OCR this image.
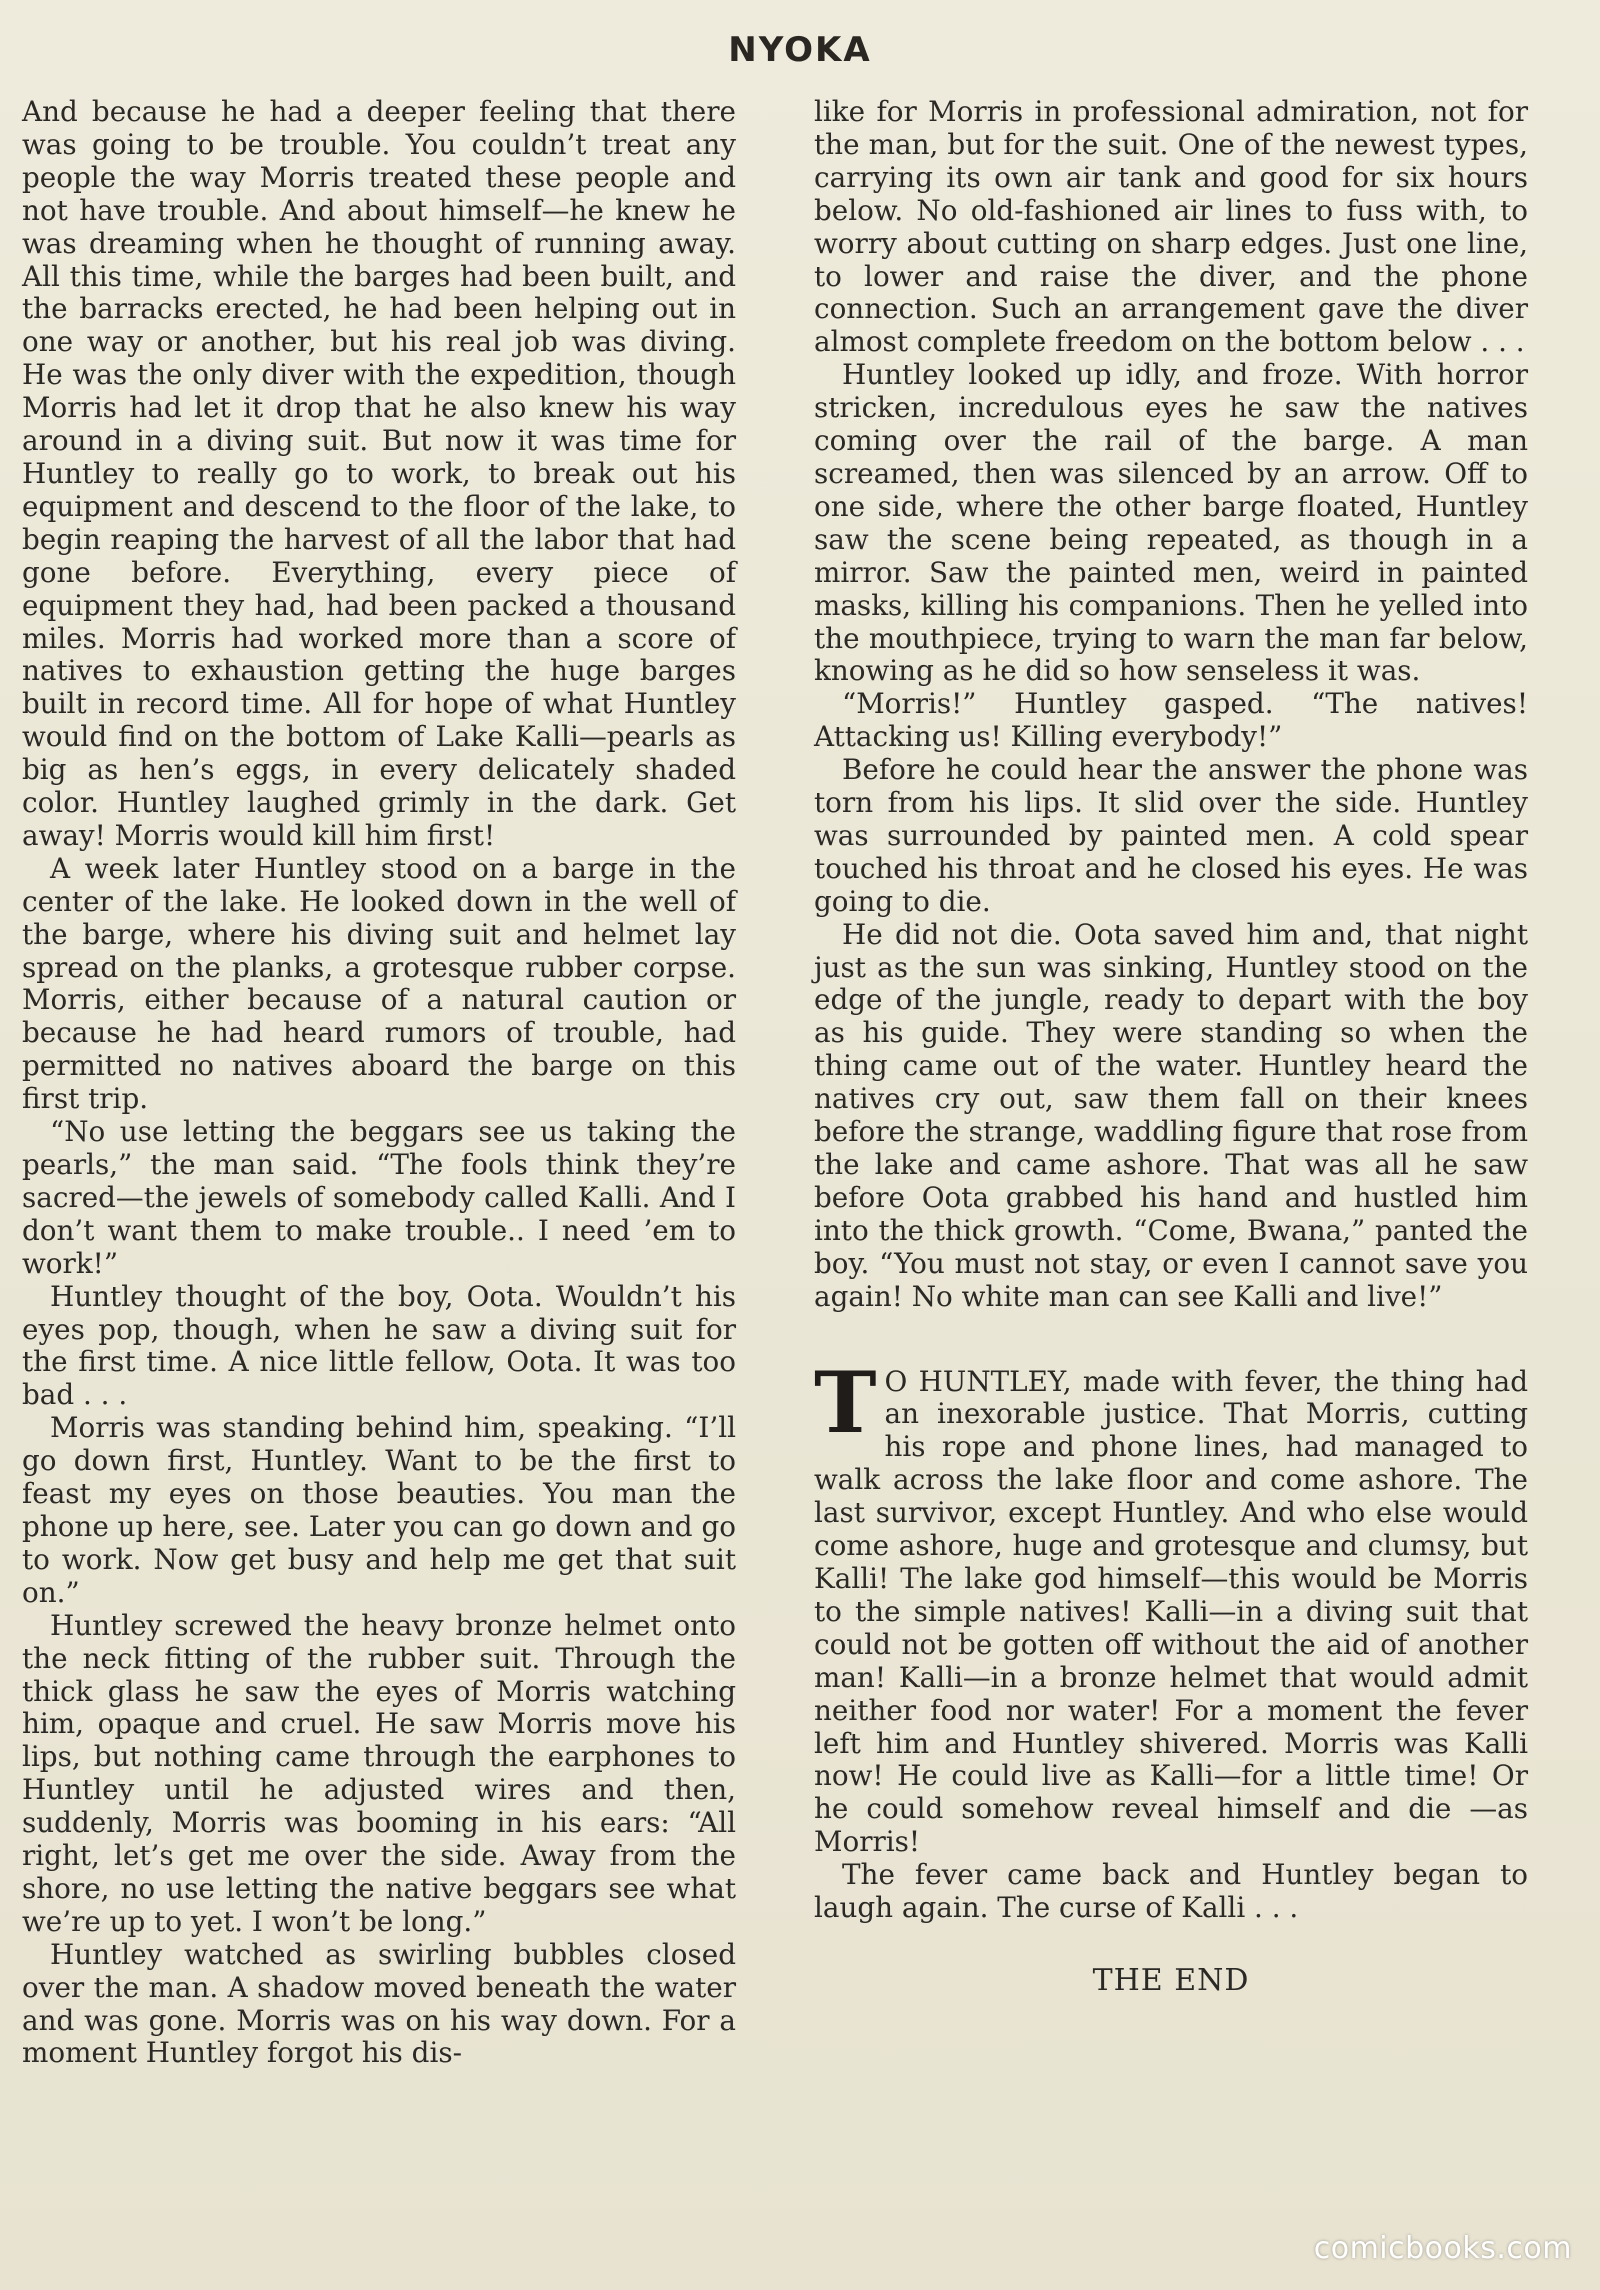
NYOKA

And because he had a deeper feeling that there was going to be trouble. You couldn’t treat any people the way Morris treated these people and not have trouble. And about himself—he knew he was dreaming when he thought of running away. All this time, while the barges had been built, and the barracks erected, he had been helping out in one way or another, but his real job was diving. He was the only diver with the expedition, though Morris had let it drop that he also knew his way around in a diving suit. But now it was time for Huntley to really go to work, to break out his equipment and descend to the floor of the lake, to begin reaping the harvest of all the labor that had gone before. Everything, every piece of equipment they had, had been packed a thousand miles. Morris had worked more than a score of natives to exhaustion getting the huge barges built in record time. All for hope of what Huntley would find on the bottom of Lake Kalli—pearls as big as hen’s eggs, in every delicately shaded color. Huntley laughed grimly in the dark. Get away! Morris would kill him first!

A week later Huntley stood on a barge in the center of the lake. He looked down in the well of the barge, where his diving suit and helmet lay spread on the planks, a grotesque rubber corpse. Morris, either because of a natural caution or because he had heard rumors of trouble, had permitted no natives aboard the barge on this first trip.

“No use letting the beggars see us taking the pearls,” the man said. “The fools think they’re sacred—the jewels of somebody called Kalli. And I don’t want them to make trouble.. I need ’em to work!”

Huntley thought of the boy, Oota. Wouldn’t his eyes pop, though, when he saw a diving suit for the first time. A nice little fellow, Oota. It was too bad . . .

Morris was standing behind him, speaking. “I’ll go down first, Huntley. Want to be the first to feast my eyes on those beauties. You man the phone up here, see. Later you can go down and go to work. Now get busy and help me get that suit on.”

Huntley screwed the heavy bronze helmet onto the neck fitting of the rubber suit. Through the thick glass he saw the eyes of Morris watching him, opaque and cruel. He saw Morris move his lips, but nothing came through the earphones to Huntley until he adjusted wires and then, suddenly, Morris was booming in his ears: “All right, let’s get me over the side. Away from the shore, no use letting the native beggars see what we’re up to yet. I won’t be long.”

Huntley watched as swirling bubbles closed over the man. A shadow moved beneath the water and was gone. Morris was on his way down. For a moment Huntley forgot his dis-

like for Morris in professional admiration, not for the man, but for the suit. One of the newest types, carrying its own air tank and good for six hours below. No old-fashioned air lines to fuss with, to worry about cutting on sharp edges. Just one line, to lower and raise the diver, and the phone connection. Such an arrangement gave the diver almost complete freedom on the bottom below . . .

Huntley looked up idly, and froze. With horror stricken, incredulous eyes he saw the natives coming over the rail of the barge. A man screamed, then was silenced by an arrow. Off to one side, where the other barge floated, Huntley saw the scene being repeated, as though in a mirror. Saw the painted men, weird in painted masks, killing his companions. Then he yelled into the mouthpiece, trying to warn the man far below, knowing as he did so how senseless it was.

“Morris!” Huntley gasped. “The natives! Attacking us! Killing everybody!”

Before he could hear the answer the phone was torn from his lips. It slid over the side. Huntley was surrounded by painted men. A cold spear touched his throat and he closed his eyes. He was going to die.

He did not die. Oota saved him and, that night just as the sun was sinking, Huntley stood on the edge of the jungle, ready to depart with the boy as his guide. They were standing so when the thing came out of the water. Huntley heard the natives cry out, saw them fall on their knees before the strange, waddling figure that rose from the lake and came ashore. That was all he saw before Oota grabbed his hand and hustled him into the thick growth. “Come, Bwana,” panted the boy. “You must not stay, or even I cannot save you again! No white man can see Kalli and live!”

T O HUNTLEY, made with fever, the thing had an inexorable justice. That Morris, cutting his rope and phone lines, had managed to walk across the lake floor and come ashore. The last survivor, except Huntley. And who else would come ashore, huge and grotesque and clumsy, but Kalli! The lake god himself—this would be Morris to the simple natives! Kalli—in a diving suit that could not be gotten off without the aid of another man! Kalli—in a bronze helmet that would admit neither food nor water! For a moment the fever left him and Huntley shivered. Morris was Kalli now! He could live as Kalli—for a little time! Or he could somehow reveal himself and die —as Morris!

The fever came back and Huntley began to laugh again. The curse of Kalli . . .

THE END
comicbooks.com
